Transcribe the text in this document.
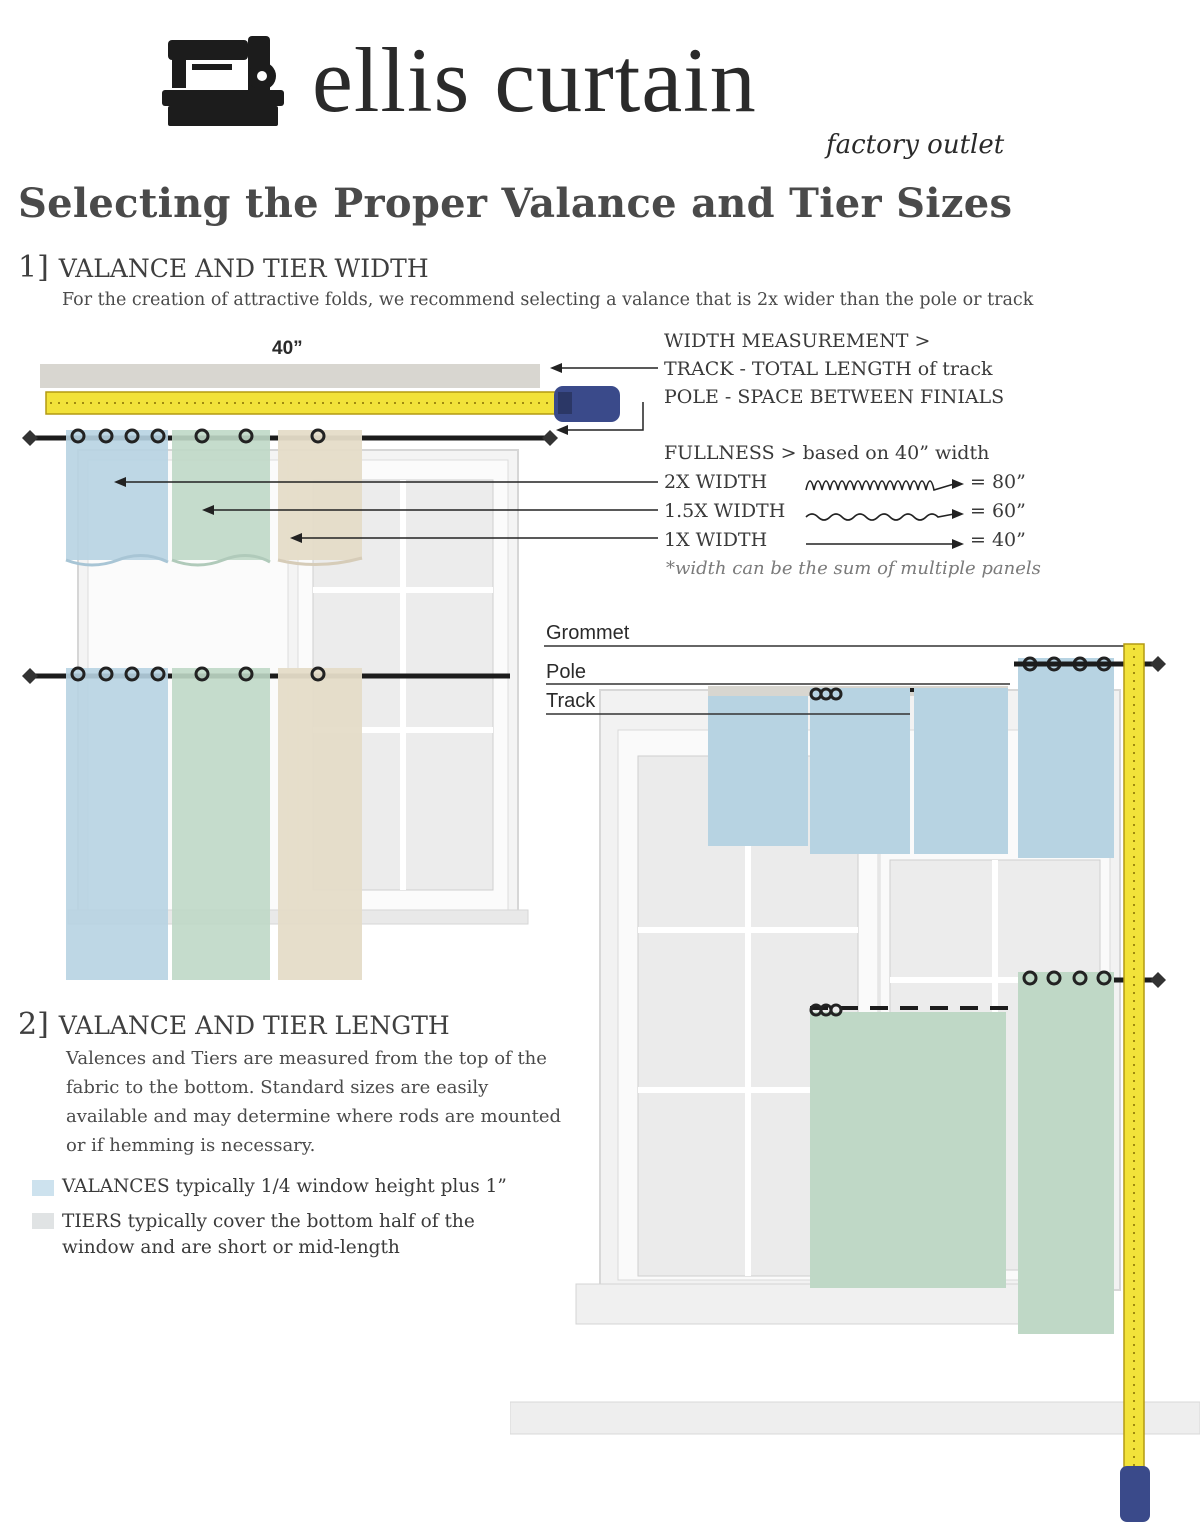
ellis curtain
factory outlet
Selecting the Proper Valance and Tier Sizes
1] VALANCE AND TIER WIDTH
For the creation of attractive folds, we recommend selecting a valance that is 2x wider than the pole or track
40”	WIDTH MEASUREMENT >
TRACK - TOTAL LENGTH of track
POLE - SPACE BETWEEN FINIALS
FULLNESS > based on 40” width
2X WIDTH
1.5X WIDTH
1X WIDTH
= 80”
= 60”
= 40”
*width can be the sum of multiple panels
Grommet
Pole
Track
2] VALANCE AND TIER LENGTH
Valences and Tiers are measured from the top of the fabric to the bottom. Standard sizes are easily available and may determine where rods are mounted or if hemming is necessary.
VALANCES typically 1/4 window height plus 1”
TIERS typically cover the bottom half of the window and are short or mid-length
